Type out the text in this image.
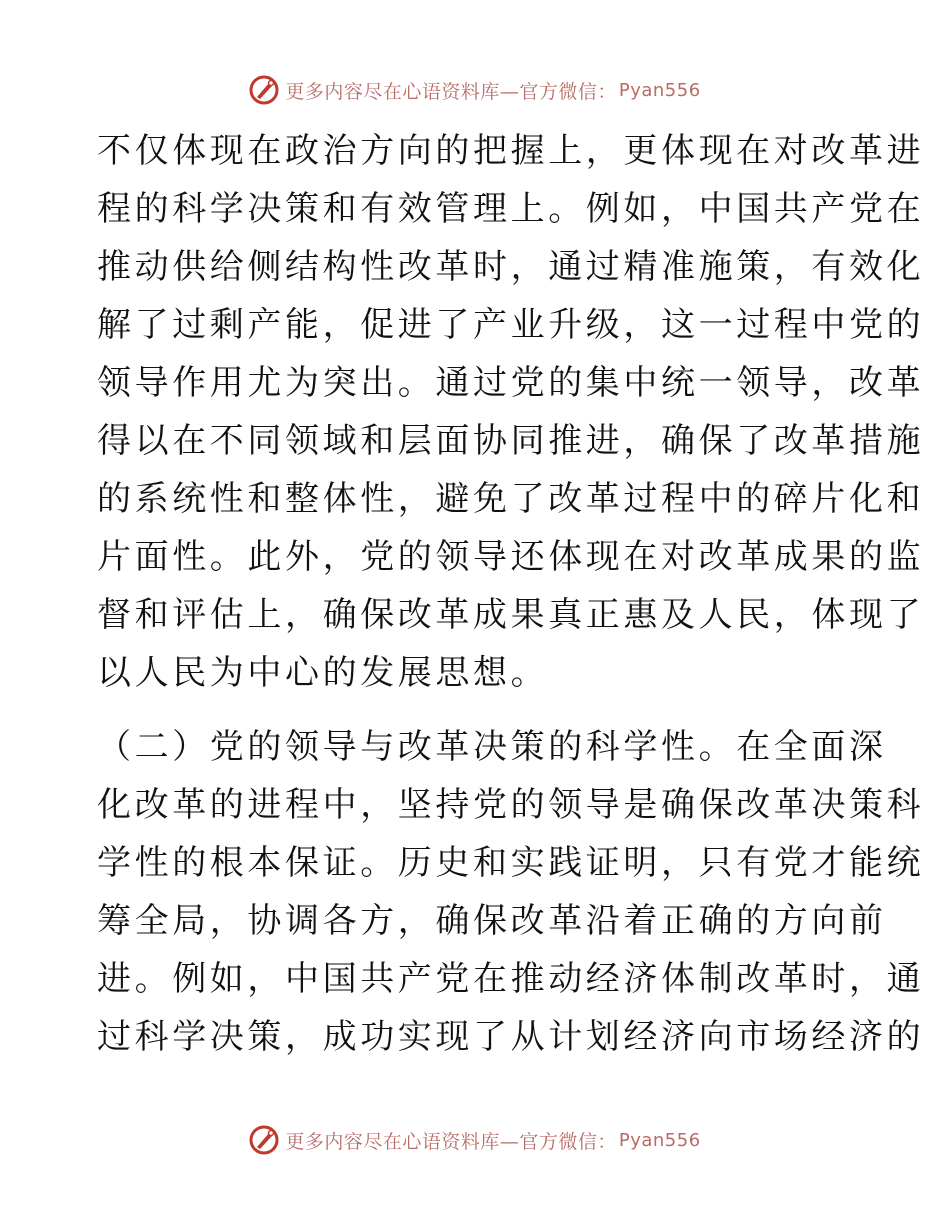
更多内容尽在心语资料库—官方微信： Pyan556

不仅体现在政治方向的把握上，更体现在对改革进
程的科学决策和有效管理上。例如，中国共产党在
推动供给侧结构性改革时，通过精准施策，有效化
解了过剩产能，促进了产业升级，这一过程中党的
领导作用尤为突出。通过党的集中统一领导，改革
得以在不同领域和层面协同推进，确保了改革措施
的系统性和整体性，避免了改革过程中的碎片化和
片面性。此外，党的领导还体现在对改革成果的监
督和评估上，确保改革成果真正惠及人民，体现了
以人民为中心的发展思想。

（二）党的领导与改革决策的科学性。在全面深
化改革的进程中，坚持党的领导是确保改革决策科
学性的根本保证。历史和实践证明，只有党才能统
筹全局，协调各方，确保改革沿着正确的方向前
进。例如，中国共产党在推动经济体制改革时，通
过科学决策，成功实现了从计划经济向市场经济的

更多内容尽在心语资料库—官方微信： Pyan556
